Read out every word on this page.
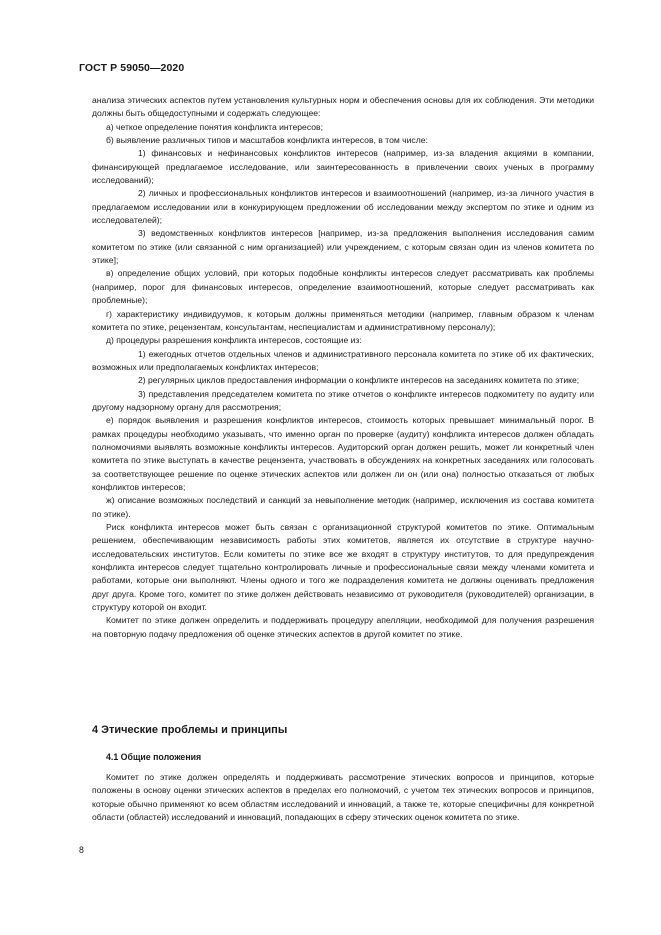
ГОСТ Р 59050—2020

анализа этических аспектов путем установления культурных норм и обеспечения основы для их соблюдения. Эти методики должны быть общедоступными и содержать следующее:

а) четкое определение понятия конфликта интересов;

б) выявление различных типов и масштабов конфликта интересов, в том числе:

1) финансовых и нефинансовых конфликтов интересов (например, из-за владения акциями в компании, финансирующей предлагаемое исследование, или заинтересованность в привлечении своих ученых в программу исследований);

2) личных и профессиональных конфликтов интересов и взаимоотношений (например, из-за личного участия в предлагаемом исследовании или в конкурирующем предложении об исследовании между экспертом по этике и одним из исследователей);

3) ведомственных конфликтов интересов [например, из-за предложения выполнения исследования самим комитетом по этике (или связанной с ним организацией) или учреждением, с которым связан один из членов комитета по этике];

в) определение общих условий, при которых подобные конфликты интересов следует рассматривать как проблемы (например, порог для финансовых интересов, определение взаимоотношений, которые следует рассматривать как проблемные);

г) характеристику индивидуумов, к которым должны применяться методики (например, главным образом к членам комитета по этике, рецензентам, консультантам, неспециалистам и административному персоналу);

д) процедуры разрешения конфликта интересов, состоящие из:

1) ежегодных отчетов отдельных членов и административного персонала комитета по этике об их фактических, возможных или предполагаемых конфликтах интересов;

2) регулярных циклов предоставления информации о конфликте интересов на заседаниях комитета по этике;

3) представления председателем комитета по этике отчетов о конфликте интересов подкомитету по аудиту или другому надзорному органу для рассмотрения;

е) порядок выявления и разрешения конфликтов интересов, стоимость которых превышает минимальный порог. В рамках процедуры необходимо указывать, что именно орган по проверке (аудиту) конфликта интересов должен обладать полномочиями выявлять возможные конфликты интересов. Аудиторский орган должен решить, может ли конкретный член комитета по этике выступать в качестве рецензента, участвовать в обсуждениях на конкретных заседаниях или голосовать за соответствующее решение по оценке этических аспектов или должен ли он (или она) полностью отказаться от любых конфликтов интересов;

ж) описание возможных последствий и санкций за невыполнение методик (например, исключения из состава комитета по этике).

Риск конфликта интересов может быть связан с организационной структурой комитетов по этике. Оптимальным решением, обеспечивающим независимость работы этих комитетов, является их отсутствие в структуре научно-исследовательских институтов. Если комитеты по этике все же входят в структуру институтов, то для предупреждения конфликта интересов следует тщательно контролировать личные и профессиональные связи между членами комитета и работами, которые они выполняют. Члены одного и того же подразделения комитета не должны оценивать предложения друг друга. Кроме того, комитет по этике должен действовать независимо от руководителя (руководителей) организации, в структуру которой он входит.

Комитет по этике должен определить и поддерживать процедуру апелляции, необходимой для получения разрешения на повторную подачу предложения об оценке этических аспектов в другой комитет по этике.

4 Этические проблемы и принципы
4.1 Общие положения

Комитет по этике должен определять и поддерживать рассмотрение этических вопросов и принципов, которые положены в основу оценки этических аспектов в пределах его полномочий, с учетом тех этических вопросов и принципов, которые обычно применяют ко всем областям исследований и инноваций, а также те, которые специфичны для конкретной области (областей) исследований и инноваций, попадающих в сферу этических оценок комитета по этике.

8
